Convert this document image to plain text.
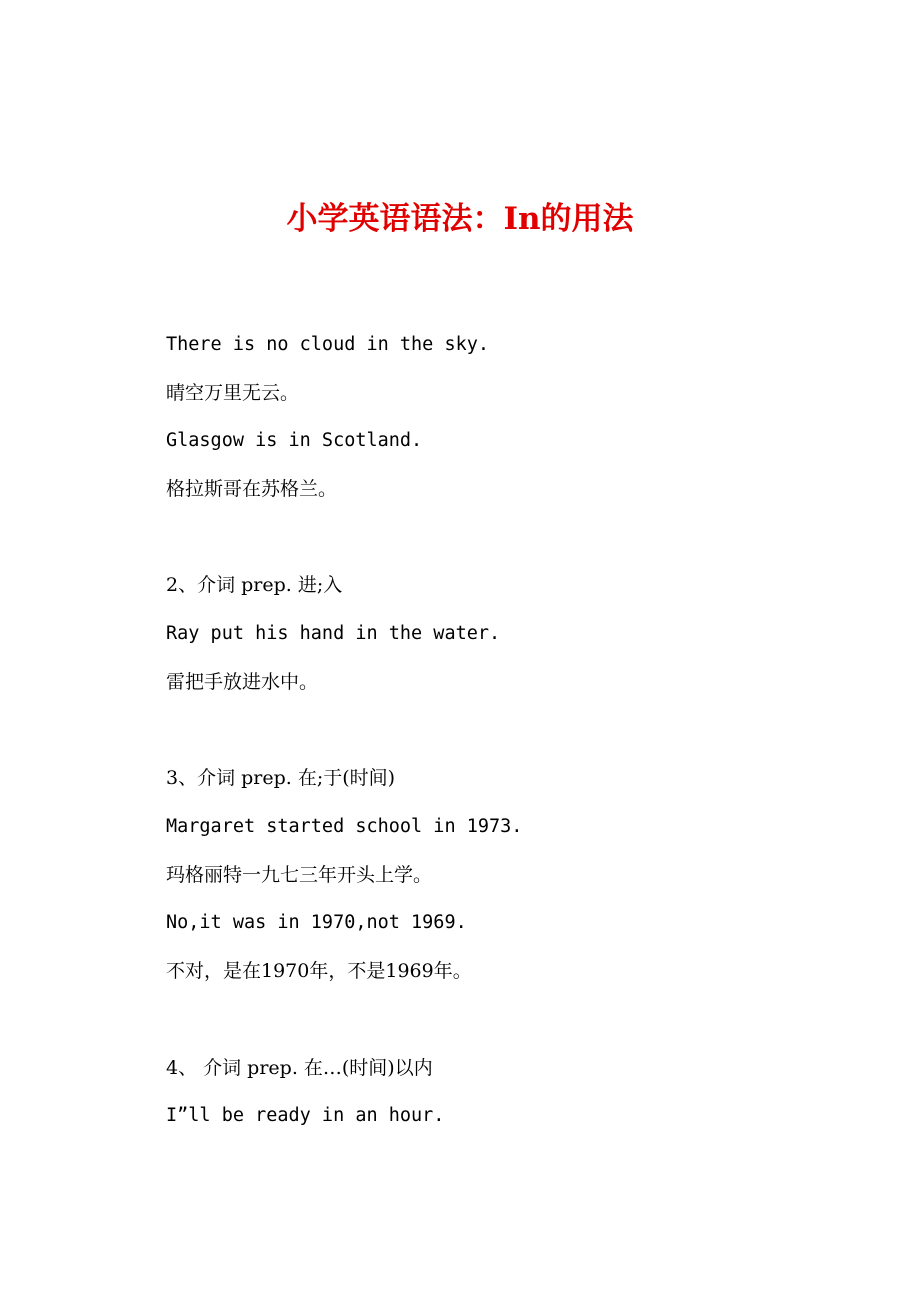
小学英语语法：In的用法

There is no cloud in the sky.

晴空万里无云。

Glasgow is in Scotland.

格拉斯哥在苏格兰。

2、介词 prep. 进;入

Ray put his hand in the water.

雷把手放进水中。

3、介词 prep. 在;于(时间)

Margaret started school in 1973.

玛格丽特一九七三年开头上学。

No,it was in 1970,not 1969.

不对，是在1970年，不是1969年。

4、 介词 prep. 在…(时间)以内

I”ll be ready in an hour.
